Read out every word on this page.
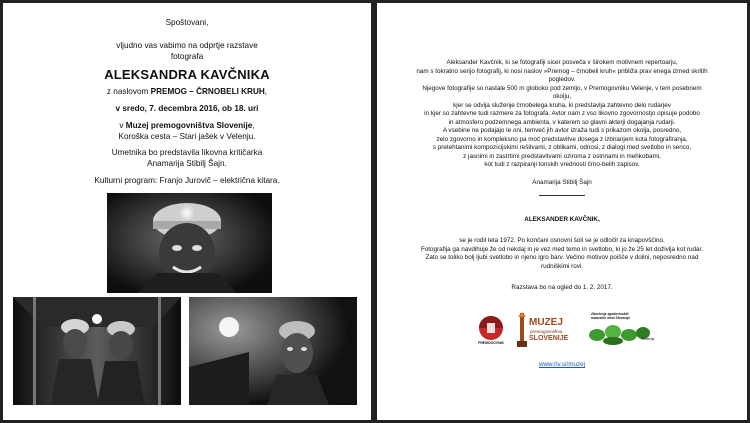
Spoštovani,
vljudno vas vabimo na odprtje razstave
fotografa
ALEKSANDRA KAVČNIKA
z naslovom PREMOG – ČRNOBELI KRUH,
v sredo, 7. decembra 2016, ob 18. uri
v Muzej premogovništva Slovenije,
Koroška cesta – Stari jašek v Velenju.
Umetnika bo predstavila likovna kritičarka
Anamarija Stibilj Šajn.
Kulturni program: Franjo Jurovič – električna kitara.
Aleksander Kavčnik, ki se fotografiji sicer posveča v širokem motivnem repertoarju,
nam s tokratno serijo fotografij, ki nosi naslov »Premog – črnobeli kruh« približa prav enega izmed skritih
pogledov.
Njegove fotografije so nastale 500 m globoko pod zemljo, v Premogovniku Velenje, v tem posebnem
okolju,
kjer se odvija služenje črnobelega kruha, ki predstavlja zahtevno delo rudarjev
in kjer so zahtevne tudi razmere za fotografa. Avtor nam z vso likovno zgovornostjo opisuje podobo
in atmosfero podzemnega ambienta, v katerem so glavni akterji dogajanja rudarji.
A vsebine ne podajajo le oni, temveč jih avtor izraža tudi s prikazom okolja, posredno,
zelo zgovorno in kompleksno pa moč predstavitve dosega z izbiranjem kota fotografiranja,
s pretehtanimi kompozicijskimi rešitvami, z oblikami, odnosi, z dialogi med svetlobo in senco,
z jasnimi in zastrtimi predstavitvami oziroma z ostrinami in mehkobami,
kot tudi z razpiranji tonskih vrednosti črno-belih zapisov.
Anamarija Stibilj Šajn
ALEKSANDER KAVČNIK,
se je rodil leta 1972. Po končani osnovni šoli se je odločil za knapovščino.
Fotografija ga navdihuje že od nekdaj in je vez med temo in svetlobo, ki jo že 25 let doživlja kot rudar.
Zato se toliko bolj ljubi svetlobo in njeno igro barv. Večino motivov poišče v dolini, neposredno nad
rudniškimi rovi.
Razstava bo na ogled do 1. 2. 2017.
PREMOGOVNIK
MUZEJ
premogovništva
SLOVENIJE
Združenje zgodovinskih
rudarskih mest Slovenije
Slovenija
www.rlv.si/muzej
